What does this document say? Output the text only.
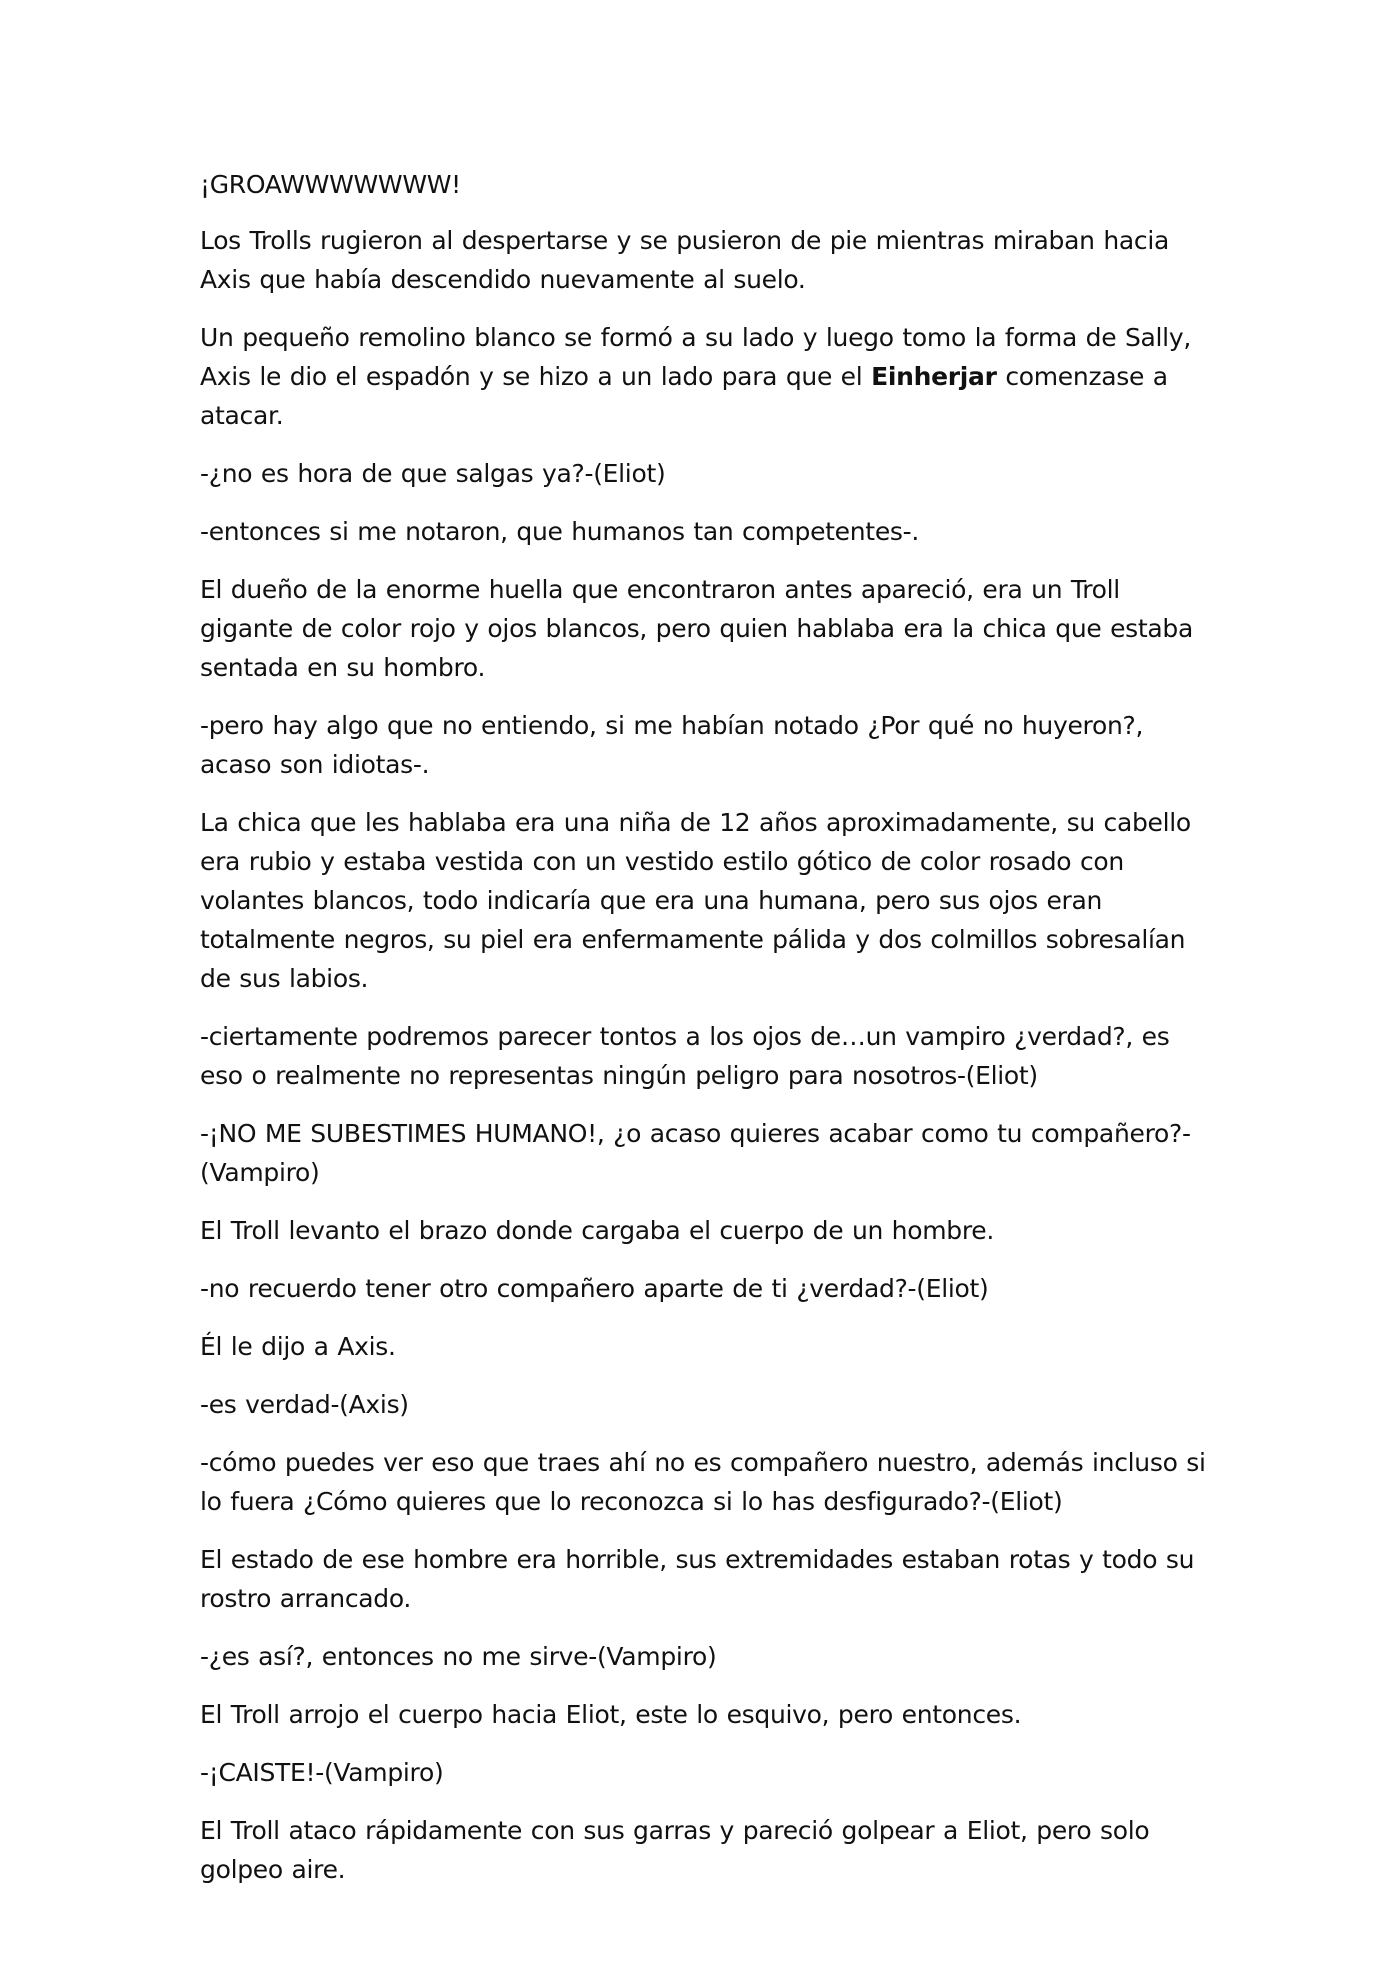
¡GROAWWWWWWW!

Los Trolls rugieron al despertarse y se pusieron de pie mientras miraban hacia Axis que había descendido nuevamente al suelo.

Un pequeño remolino blanco se formó a su lado y luego tomo la forma de Sally, Axis le dio el espadón y se hizo a un lado para que el Einherjar comenzase a atacar.

-¿no es hora de que salgas ya?-(Eliot)

-entonces si me notaron, que humanos tan competentes-.

El dueño de la enorme huella que encontraron antes apareció, era un Troll gigante de color rojo y ojos blancos, pero quien hablaba era la chica que estaba sentada en su hombro.

-pero hay algo que no entiendo, si me habían notado ¿Por qué no huyeron?, acaso son idiotas-.

La chica que les hablaba era una niña de 12 años aproximadamente, su cabello era rubio y estaba vestida con un vestido estilo gótico de color rosado con volantes blancos, todo indicaría que era una humana, pero sus ojos eran totalmente negros, su piel era enfermamente pálida y dos colmillos sobresalían de sus labios.

-ciertamente podremos parecer tontos a los ojos de…un vampiro ¿verdad?, es eso o realmente no representas ningún peligro para nosotros-(Eliot)

-¡NO ME SUBESTIMES HUMANO!, ¿o acaso quieres acabar como tu compañero?-(Vampiro)

El Troll levanto el brazo donde cargaba el cuerpo de un hombre.

-no recuerdo tener otro compañero aparte de ti ¿verdad?-(Eliot)

Él le dijo a Axis.

-es verdad-(Axis)

-cómo puedes ver eso que traes ahí no es compañero nuestro, además incluso si lo fuera ¿Cómo quieres que lo reconozca si lo has desfigurado?-(Eliot)

El estado de ese hombre era horrible, sus extremidades estaban rotas y todo su rostro arrancado.

-¿es así?, entonces no me sirve-(Vampiro)

El Troll arrojo el cuerpo hacia Eliot, este lo esquivo, pero entonces.

-¡CAISTE!-(Vampiro)

El Troll ataco rápidamente con sus garras y pareció golpear a Eliot, pero solo golpeo aire.
